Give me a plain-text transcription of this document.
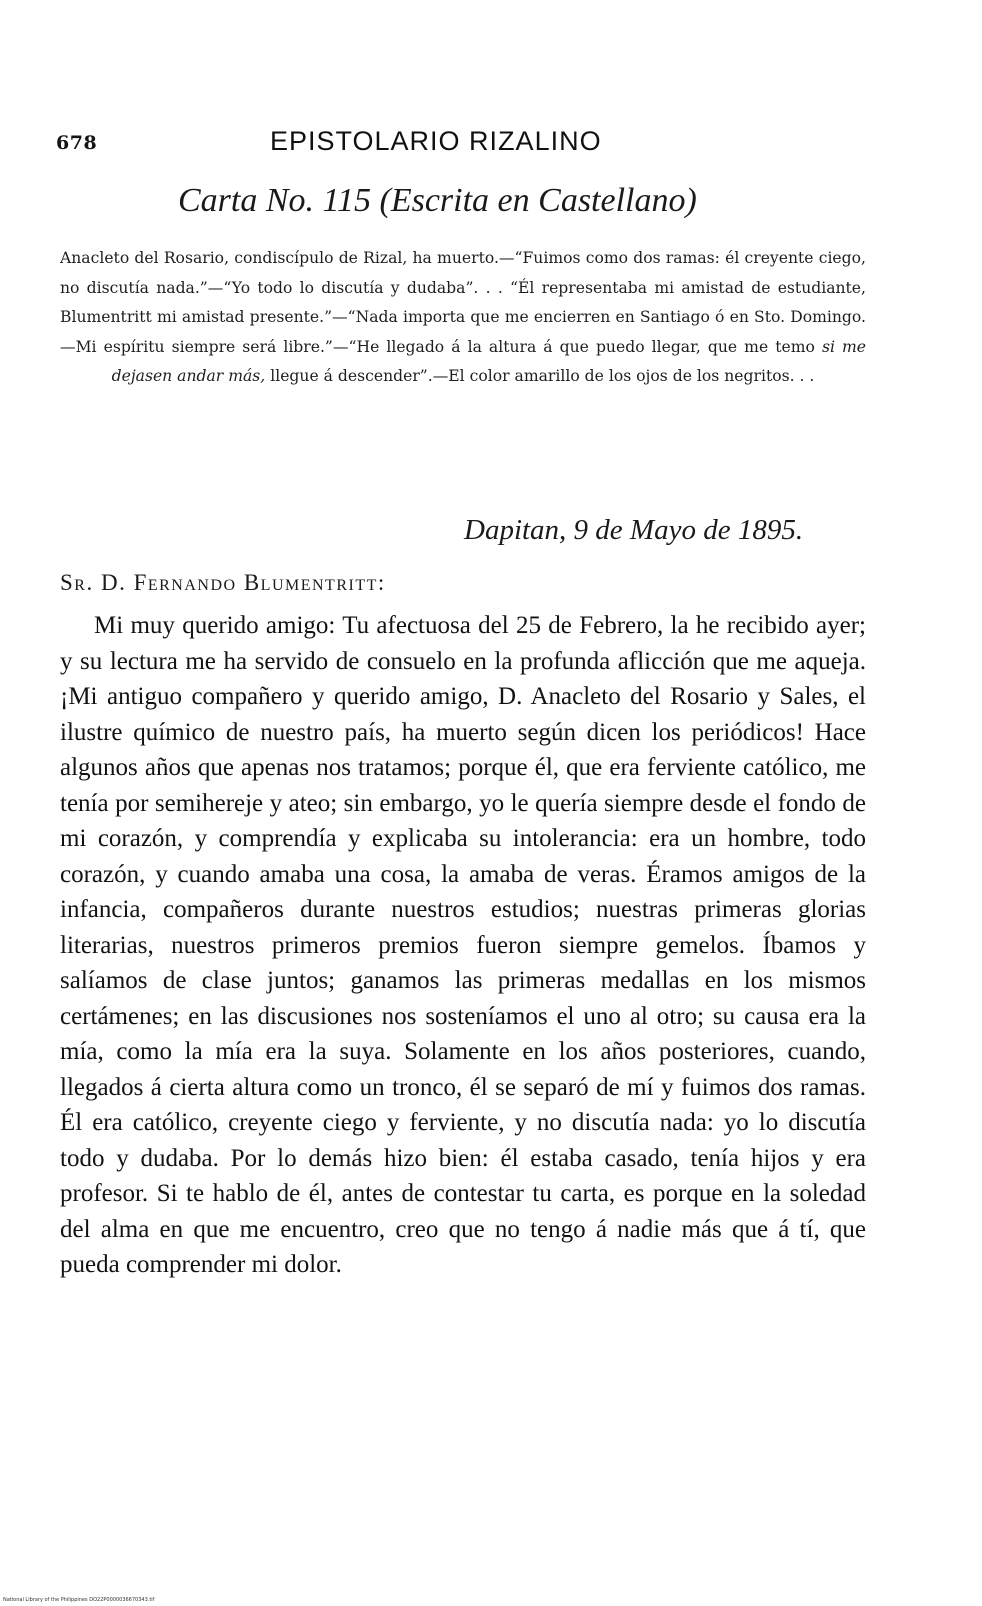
678	EPISTOLARIO RIZALINO
Carta No. 115 (Escrita en Castellano)
Anacleto del Rosario, condiscípulo de Rizal, ha muerto.—“Fuimos como dos ramas: él creyente ciego, no discutía nada.”—“Yo todo lo discutía y dudaba”. . . “Él representaba mi amistad de estudiante, Blumentritt mi amistad presente.”—“Nada importa que me encierren en Santiago ó en Sto. Domingo.—Mi espíritu siempre será libre.”—“He llegado á la altura á que puedo llegar, que me temo si me dejasen andar más, llegue á descender”.—El color amarillo de los ojos de los negritos. . .
Dapitan, 9 de Mayo de 1895.
Sr. D. Fernando Blumentritt:
Mi muy querido amigo: Tu afectuosa del 25 de Febrero, la he recibido ayer; y su lectura me ha servido de consuelo en la profunda aflicción que me aqueja. ¡Mi antiguo compañero y querido amigo, D. Anacleto del Rosario y Sales, el ilustre químico de nuestro país, ha muerto según dicen los periódicos! Hace algunos años que apenas nos tratamos; porque él, que era ferviente católico, me tenía por semihereje y ateo; sin embargo, yo le quería siempre desde el fondo de mi corazón, y comprendía y explicaba su intolerancia: era un hombre, todo corazón, y cuando amaba una cosa, la amaba de veras. Éramos amigos de la infancia, compañeros durante nuestros estudios; nuestras primeras glorias literarias, nuestros primeros premios fueron siempre gemelos. Íbamos y salíamos de clase juntos; ganamos las primeras medallas en los mismos certámenes; en las discusiones nos sosteníamos el uno al otro; su causa era la mía, como la mía era la suya. Solamente en los años posteriores, cuando, llegados á cierta altura como un tronco, él se separó de mí y fuimos dos ramas. Él era católico, creyente ciego y ferviente, y no discutía nada: yo lo discutía todo y dudaba. Por lo demás hizo bien: él estaba casado, tenía hijos y era profesor. Si te hablo de él, antes de contestar tu carta, es porque en la soledad del alma en que me encuentro, creo que no tengo á nadie más que á tí, que pueda comprender mi dolor.
National Library of the Philippines DO22P0000036670343.tif
